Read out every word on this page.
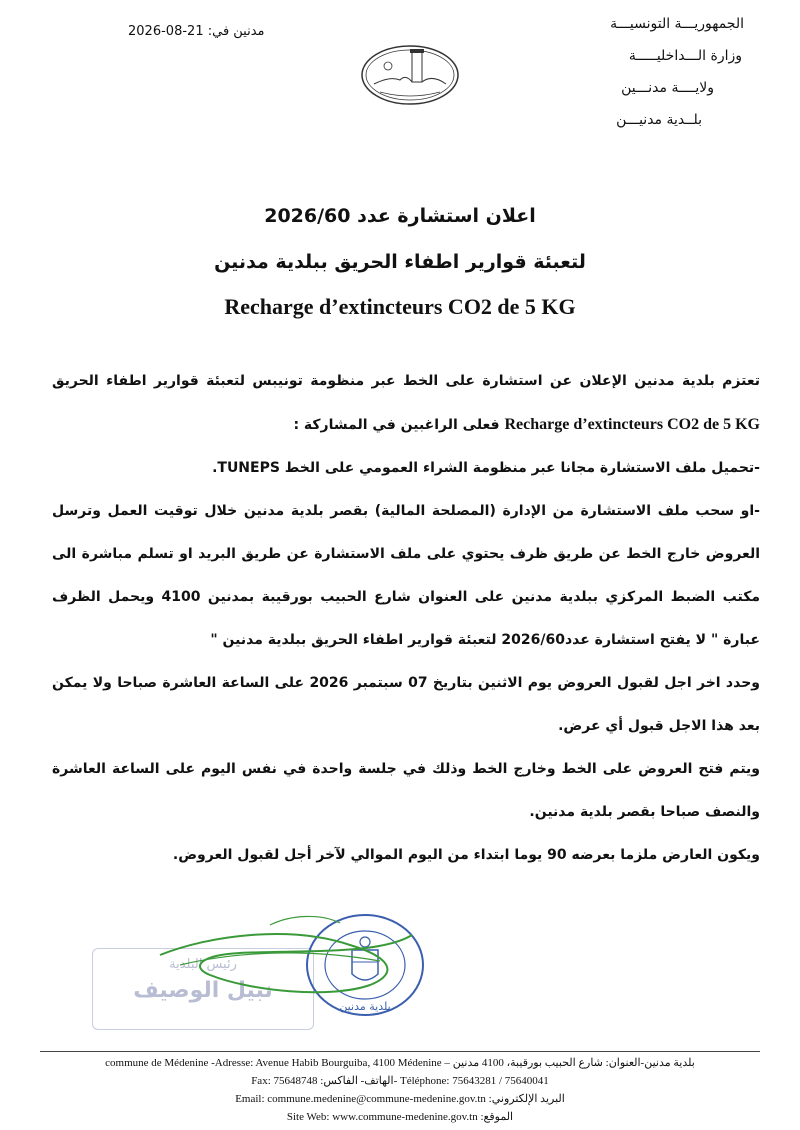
الجمهوريـــة التونسيـــة
وزارة الـــداخليـــــة
ولايــــة مدنـــين
بلــدية مدنيـــن
مدنين في: 21-08-2026
اعلان استشارة عدد 2026/60
لتعبئة قوارير اطفاء الحريق ببلدية مدنين
Recharge d’extincteurs CO2 de 5 KG

تعتزم بلدية مدنين الإعلان عن استشارة على الخط عبر منظومة تونيبس لتعبئة قوارير اطفاء الحريق Recharge d’extincteurs CO2 de 5 KG فعلى الراغبين في المشاركة :

-تحميل ملف الاستشارة مجانا عبر منظومة الشراء العمومي على الخط TUNEPS.

-او سحب ملف الاستشارة من الإدارة (المصلحة المالية) بقصر بلدية مدنين خلال توقيت العمل وترسل العروض خارج الخط عن طريق ظرف يحتوي على ملف الاستشارة عن طريق البريد او تسلم مباشرة الى مكتب الضبط المركزي ببلدية مدنين على العنوان شارع الحبيب بورقيبة بمدنين 4100 ويحمل الظرف عبارة " لا يفتح استشارة عدد2026/60 لتعبئة قوارير اطفاء الحريق ببلدية مدنين "

وحدد اخر اجل لقبول العروض يوم الاثنين بتاريخ 07 سبتمبر 2026 على الساعة العاشرة صباحا ولا يمكن بعد هذا الاجل قبول أي عرض.

ويتم فتح العروض على الخط وخارج الخط وذلك في جلسة واحدة في نفس اليوم على الساعة العاشرة والنصف صباحا بقصر بلدية مدنين.

ويكون العارض ملزما بعرضه 90 يوما ابتداء من اليوم الموالي لآخر أجل لقبول العروض.

رئيس البلدية
نبيل الوصيف
بلدية مدنين
commune de Médenine -Adresse: Avenue Habib Bourguiba, 4100 Médenine – بلدية مدنين-العنوان: شارع الحبيب بورقيبة، 4100 مدنين
Fax: 75648748 :الهاتف- الفاكس- Téléphone: 75643281 / 75640041
Email: commune.medenine@commune-medenine.gov.tn :البريد الإلكتروني
Site Web: www.commune-medenine.gov.tn :الموقع
